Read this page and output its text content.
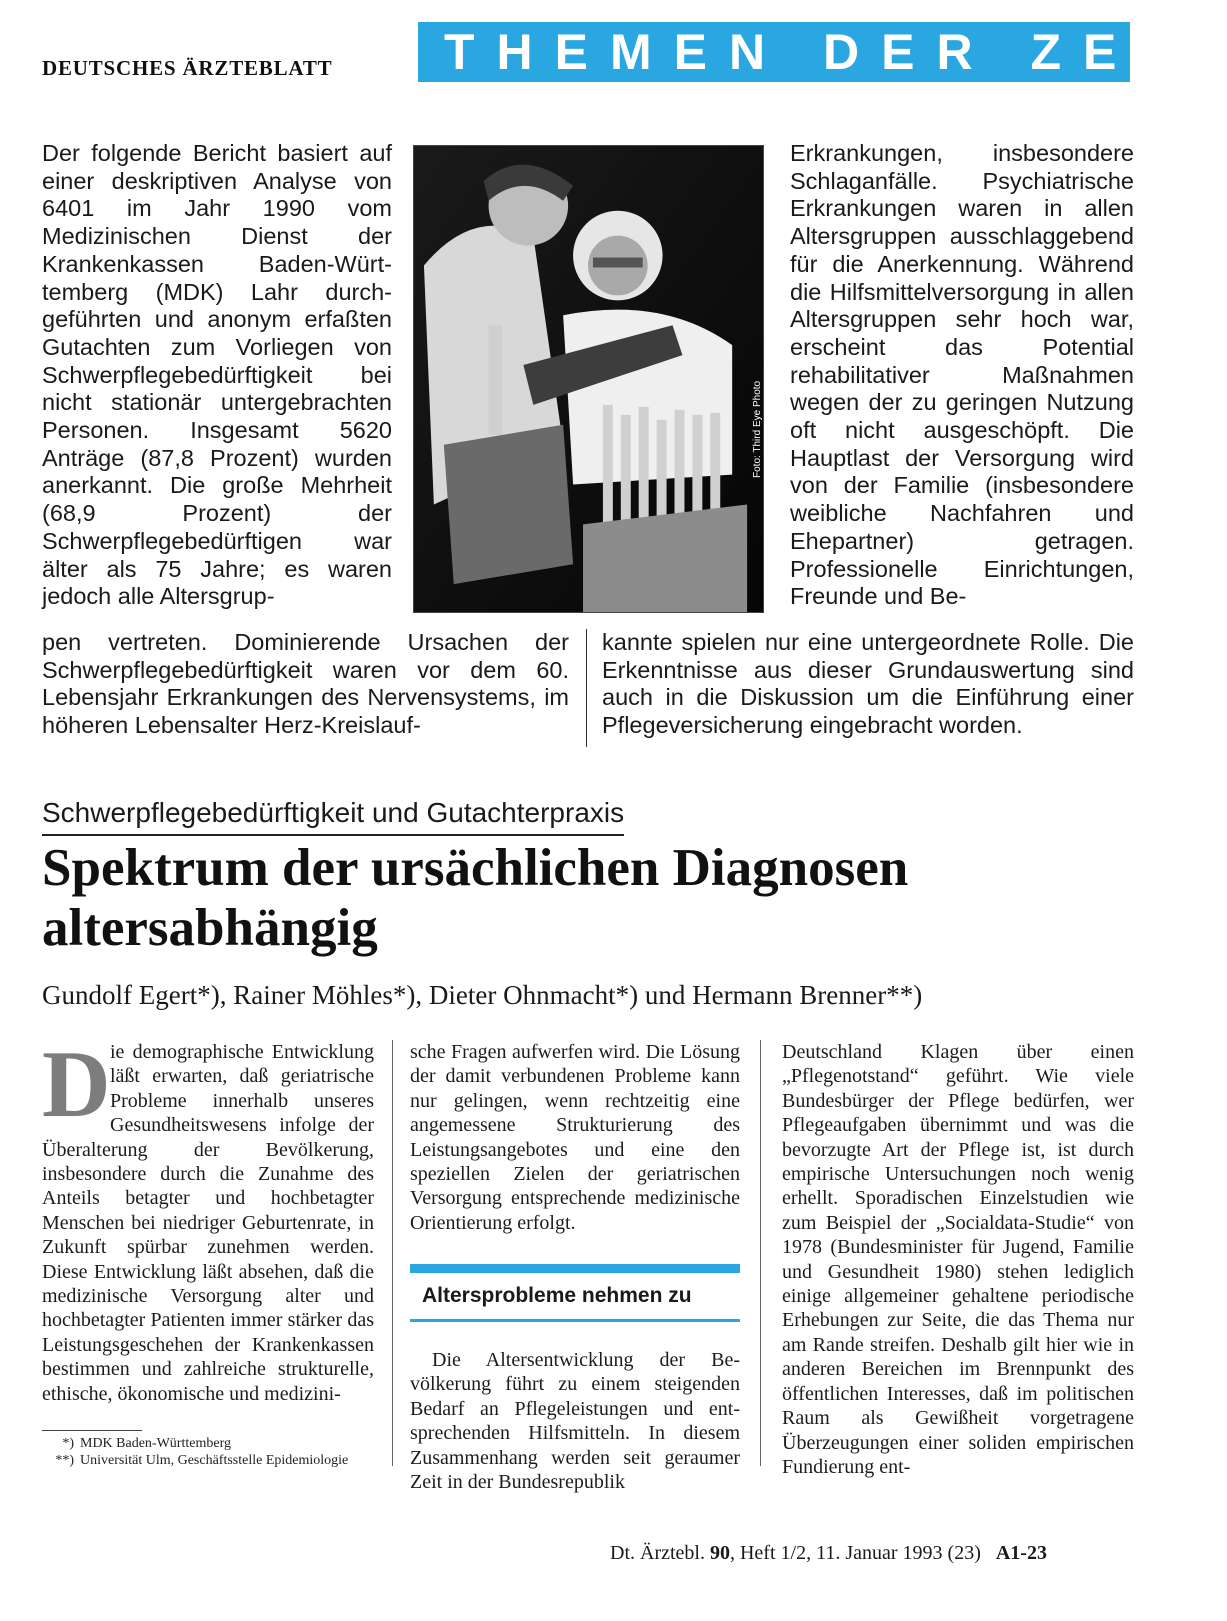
DEUTSCHES ÄRZTEBLATT	THEMEN DER ZEIT
Der folgende Bericht basiert auf einer deskriptiven Analyse von 6401 im Jahr 1990 vom Medizinischen Dienst der Krankenkassen Baden-Württemberg (MDK) Lahr durchgeführten und anonym erfaßten Gutachten zum Vorliegen von Schwerpflegebedürftigkeit bei nicht stationär untergebrachten Personen. Insgesamt 5620 Anträge (87,8 Prozent) wurden anerkannt. Die große Mehrheit (68,9 Prozent) der Schwerpflegebedürftigen war älter als 75 Jahre; es waren jedoch alle Altersgrup-
Foto: Third Eye Photo
Erkrankungen, insbesondere Schlaganfälle. Psychiatrische Erkrankungen waren in allen Altersgruppen ausschlaggebend für die Anerkennung. Während die Hilfsmittelversorgung in allen Altersgruppen sehr hoch war, erscheint das Potential rehabilitativer Maßnahmen wegen der zu geringen Nutzung oft nicht ausgeschöpft. Die Hauptlast der Versorgung wird von der Familie (insbesondere weibliche Nachfahren und Ehepartner) getragen. Professionelle Einrichtungen, Freunde und Be-
pen vertreten. Dominierende Ursachen der Schwerpflegebedürftigkeit waren vor dem 60. Lebensjahr Erkrankungen des Nervensystems, im höheren Lebensalter Herz-Kreislauf-
kannte spielen nur eine untergeordnete Rolle. Die Erkenntnisse aus dieser Grundauswertung sind auch in die Diskussion um die Einführung einer Pflegeversicherung eingebracht worden.
Schwerpflegebedürftigkeit und Gutachterpraxis
Spektrum der ursächlichen Diagnosen altersabhängig
Gundolf Egert*), Rainer Möhles*), Dieter Ohnmacht*) und Hermann Brenner**)
Die demographische Entwicklung läßt erwarten, daß geriatrische Probleme innerhalb unseres Gesundheitswesens infolge der Überalterung der Bevölkerung, insbesondere durch die Zunahme des Anteils betagter und hochbetagter Menschen bei niedriger Geburtenrate, in Zukunft spürbar zunehmen werden. Diese Entwicklung läßt absehen, daß die medizinische Versorgung alter und hochbetagter Patienten immer stärker das Leistungsgeschehen der Krankenkassen bestimmen und zahlreiche strukturelle, ethische, ökonomische und medizini-
sche Fragen aufwerfen wird. Die Lösung der damit verbundenen Probleme kann nur gelingen, wenn rechtzeitig eine angemessene Strukturierung des Leistungsangebotes und eine den speziellen Zielen der geriatrischen Versorgung entsprechende medizinische Orientierung erfolgt.
Altersprobleme nehmen zu
Die Altersentwicklung der Bevölkerung führt zu einem steigenden Bedarf an Pflegeleistungen und entsprechenden Hilfsmitteln. In diesem Zusammenhang werden seit geraumer Zeit in der Bundesrepublik
Deutschland Klagen über einen „Pflegenotstand“ geführt. Wie viele Bundesbürger der Pflege bedürfen, wer Pflegeaufgaben übernimmt und was die bevorzugte Art der Pflege ist, ist durch empirische Untersuchungen noch wenig erhellt. Sporadischen Einzelstudien wie zum Beispiel der „Socialdata-Studie“ von 1978 (Bundesminister für Jugend, Familie und Gesundheit 1980) stehen lediglich einige allgemeiner gehaltene periodische Erhebungen zur Seite, die das Thema nur am Rande streifen. Deshalb gilt hier wie in anderen Bereichen im Brennpunkt des öffentlichen Interesses, daß im politischen Raum als Gewißheit vorgetragene Überzeugungen einer soliden empirischen Fundierung ent-
*) MDK Baden-Württemberg
**) Universität Ulm, Geschäftsstelle Epidemiologie
Dt. Ärztebl. 90, Heft 1/2, 11. Januar 1993 (23) A1-23
